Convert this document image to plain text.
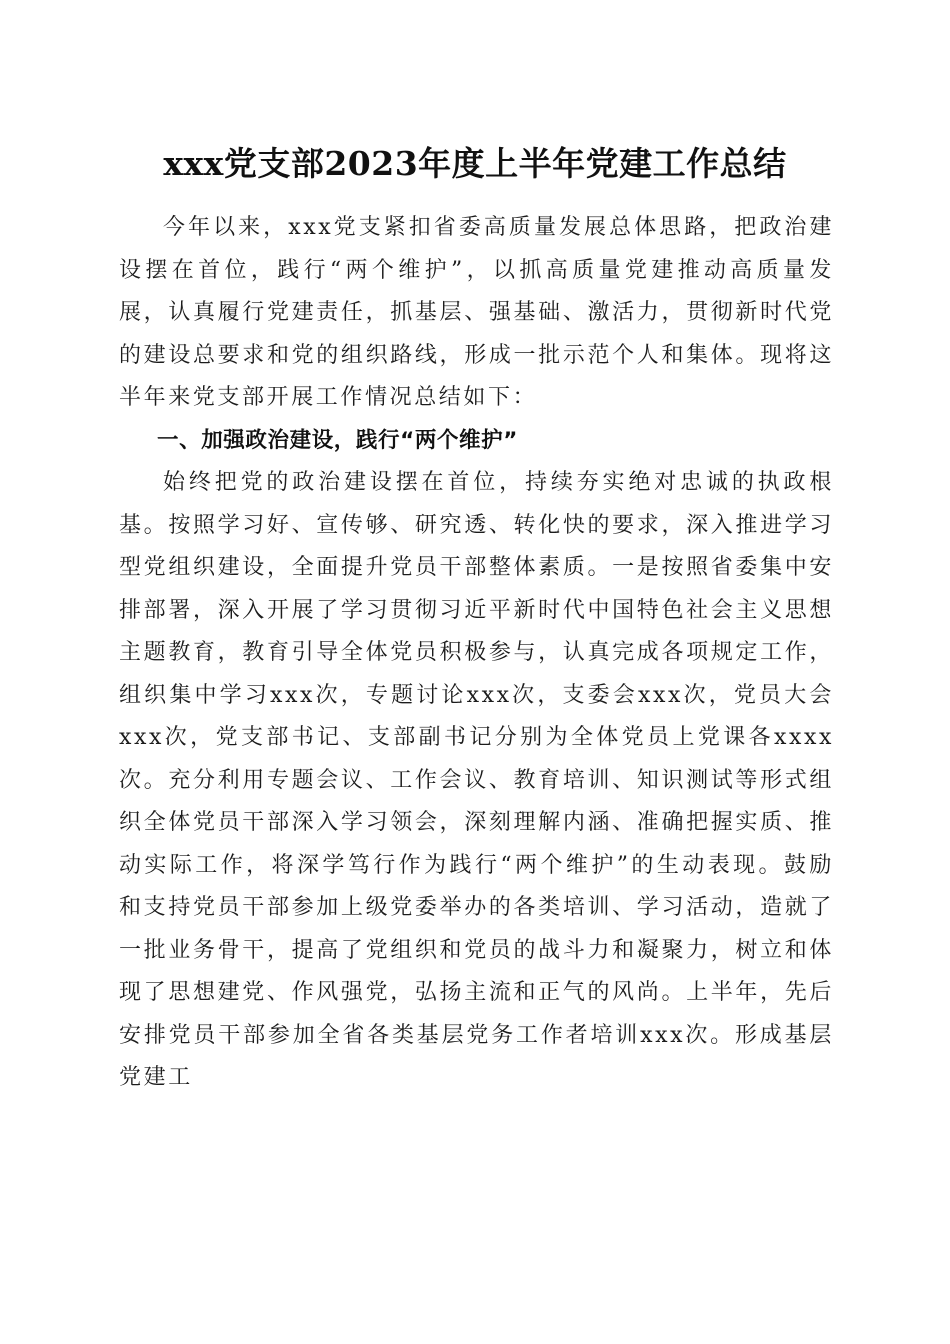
xxx党支部2023年度上半年党建工作总结

今年以来，xxx党支紧扣省委高质量发展总体思路，把政治建设摆在首位，践行“两个维护”，以抓高质量党建推动高质量发展，认真履行党建责任，抓基层、强基础、激活力，贯彻新时代党的建设总要求和党的组织路线，形成一批示范个人和集体。现将这半年来党支部开展工作情况总结如下：

一、加强政治建设，践行“两个维护”

始终把党的政治建设摆在首位，持续夯实绝对忠诚的执政根基。按照学习好、宣传够、研究透、转化快的要求，深入推进学习型党组织建设，全面提升党员干部整体素质。一是按照省委集中安排部署，深入开展了学习贯彻习近平新时代中国特色社会主义思想主题教育，教育引导全体党员积极参与，认真完成各项规定工作，组织集中学习xxx次，专题讨论xxx次，支委会xxx次，党员大会xxx次，党支部书记、支部副书记分别为全体党员上党课各xxxx次。充分利用专题会议、工作会议、教育培训、知识测试等形式组织全体党员干部深入学习领会，深刻理解内涵、准确把握实质、推动实际工作，将深学笃行作为践行“两个维护”的生动表现。鼓励和支持党员干部参加上级党委举办的各类培训、学习活动，造就了一批业务骨干，提高了党组织和党员的战斗力和凝聚力，树立和体现了思想建党、作风强党，弘扬主流和正气的风尚。上半年，先后安排党员干部参加全省各类基层党务工作者培训xxx次。形成基层党建工
